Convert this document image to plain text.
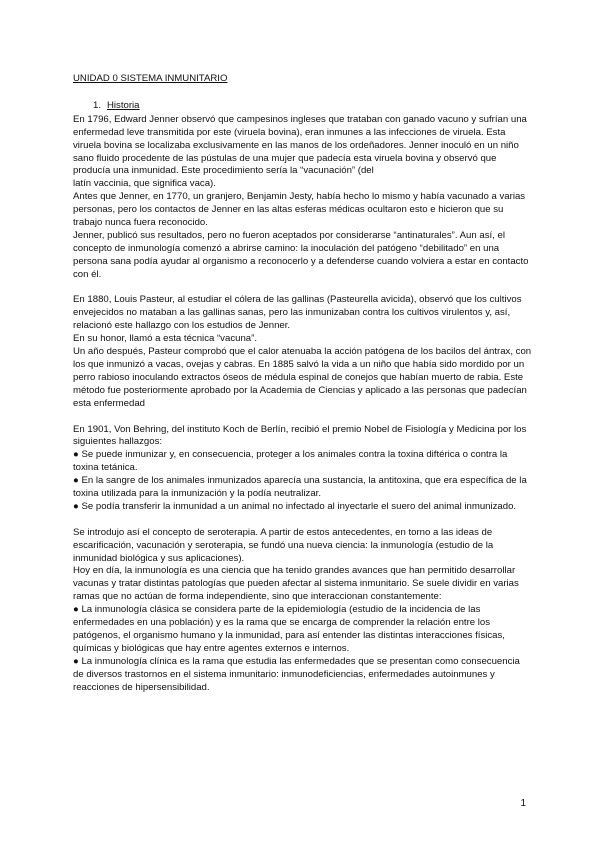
UNIDAD 0 SISTEMA INMUNITARIO

1. Historia

En 1796, Edward Jenner observó que campesinos ingleses que trataban con ganado vacuno y sufrían una enfermedad leve transmitida por este (viruela bovina), eran inmunes a las infecciones de viruela. Esta viruela bovina se localizaba exclusivamente en las manos de los ordeñadores. Jenner inoculó en un niño sano fluido procedente de las pústulas de una mujer que padecía esta viruela bovina y observó que producía una inmunidad. Este procedimiento sería la “vacunación” (del

latín vaccinia, que significa vaca).

Antes que Jenner, en 1770, un granjero, Benjamin Jesty, había hecho lo mismo y había vacunado a varias personas, pero los contactos de Jenner en las altas esferas médicas ocultaron esto e hicieron que su trabajo nunca fuera reconocido.

Jenner, publicó sus resultados, pero no fueron aceptados por considerarse “antinaturales”. Aun así, el concepto de inmunología comenzó a abrirse camino: la inoculación del patógeno “debilitado” en una persona sana podía ayudar al organismo a reconocerlo y a defenderse cuando volviera a estar en contacto con él.

En 1880, Louis Pasteur, al estudiar el cólera de las gallinas (Pasteurella avicida), observó que los cultivos envejecidos no mataban a las gallinas sanas, pero las inmunizaban contra los cultivos virulentos y, así, relacionó este hallazgo con los estudios de Jenner.

En su honor, llamó a esta técnica “vacuna”.

Un año después, Pasteur comprobó que el calor atenuaba la acción patógena de los bacilos del ántrax, con los que inmunizó a vacas, ovejas y cabras. En 1885 salvó la vida a un niño que había sido mordido por un perro rabioso inoculando extractos óseos de médula espinal de conejos que habían muerto de rabia. Este método fue posteriormente aprobado por la Academia de Ciencias y aplicado a las personas que padecían esta enfermedad

En 1901, Von Behring, del instituto Koch de Berlín, recibió el premio Nobel de Fisiología y Medicina por los siguientes hallazgos:

● Se puede inmunizar y, en consecuencia, proteger a los animales contra la toxina diftérica o contra la toxina tetánica.

● En la sangre de los animales inmunizados aparecía una sustancia, la antitoxina, que era específica de la toxina utilizada para la inmunización y la podía neutralizar.

● Se podía transferir la inmunidad a un animal no infectado al inyectarle el suero del animal inmunizado.

Se introdujo así el concepto de seroterapia. A partir de estos antecedentes, en torno a las ideas de escarificación, vacunación y seroterapia, se fundó una nueva ciencia: la inmunología (estudio de la inmunidad biológica y sus aplicaciones).

Hoy en día, la inmunología es una ciencia que ha tenido grandes avances que han permitido desarrollar vacunas y tratar distintas patologías que pueden afectar al sistema inmunitario. Se suele dividir en varias ramas que no actúan de forma independiente, sino que interaccionan constantemente:

● La inmunología clásica se considera parte de la epidemiología (estudio de la incidencia de las enfermedades en una población) y es la rama que se encarga de comprender la relación entre los patógenos, el organismo humano y la inmunidad, para así entender las distintas interacciones físicas, químicas y biológicas que hay entre agentes externos e internos.

● La inmunología clínica es la rama que estudia las enfermedades que se presentan como consecuencia de diversos trastornos en el sistema inmunitario: inmunodeficiencias, enfermedades autoinmunes y reacciones de hipersensibilidad.

1
